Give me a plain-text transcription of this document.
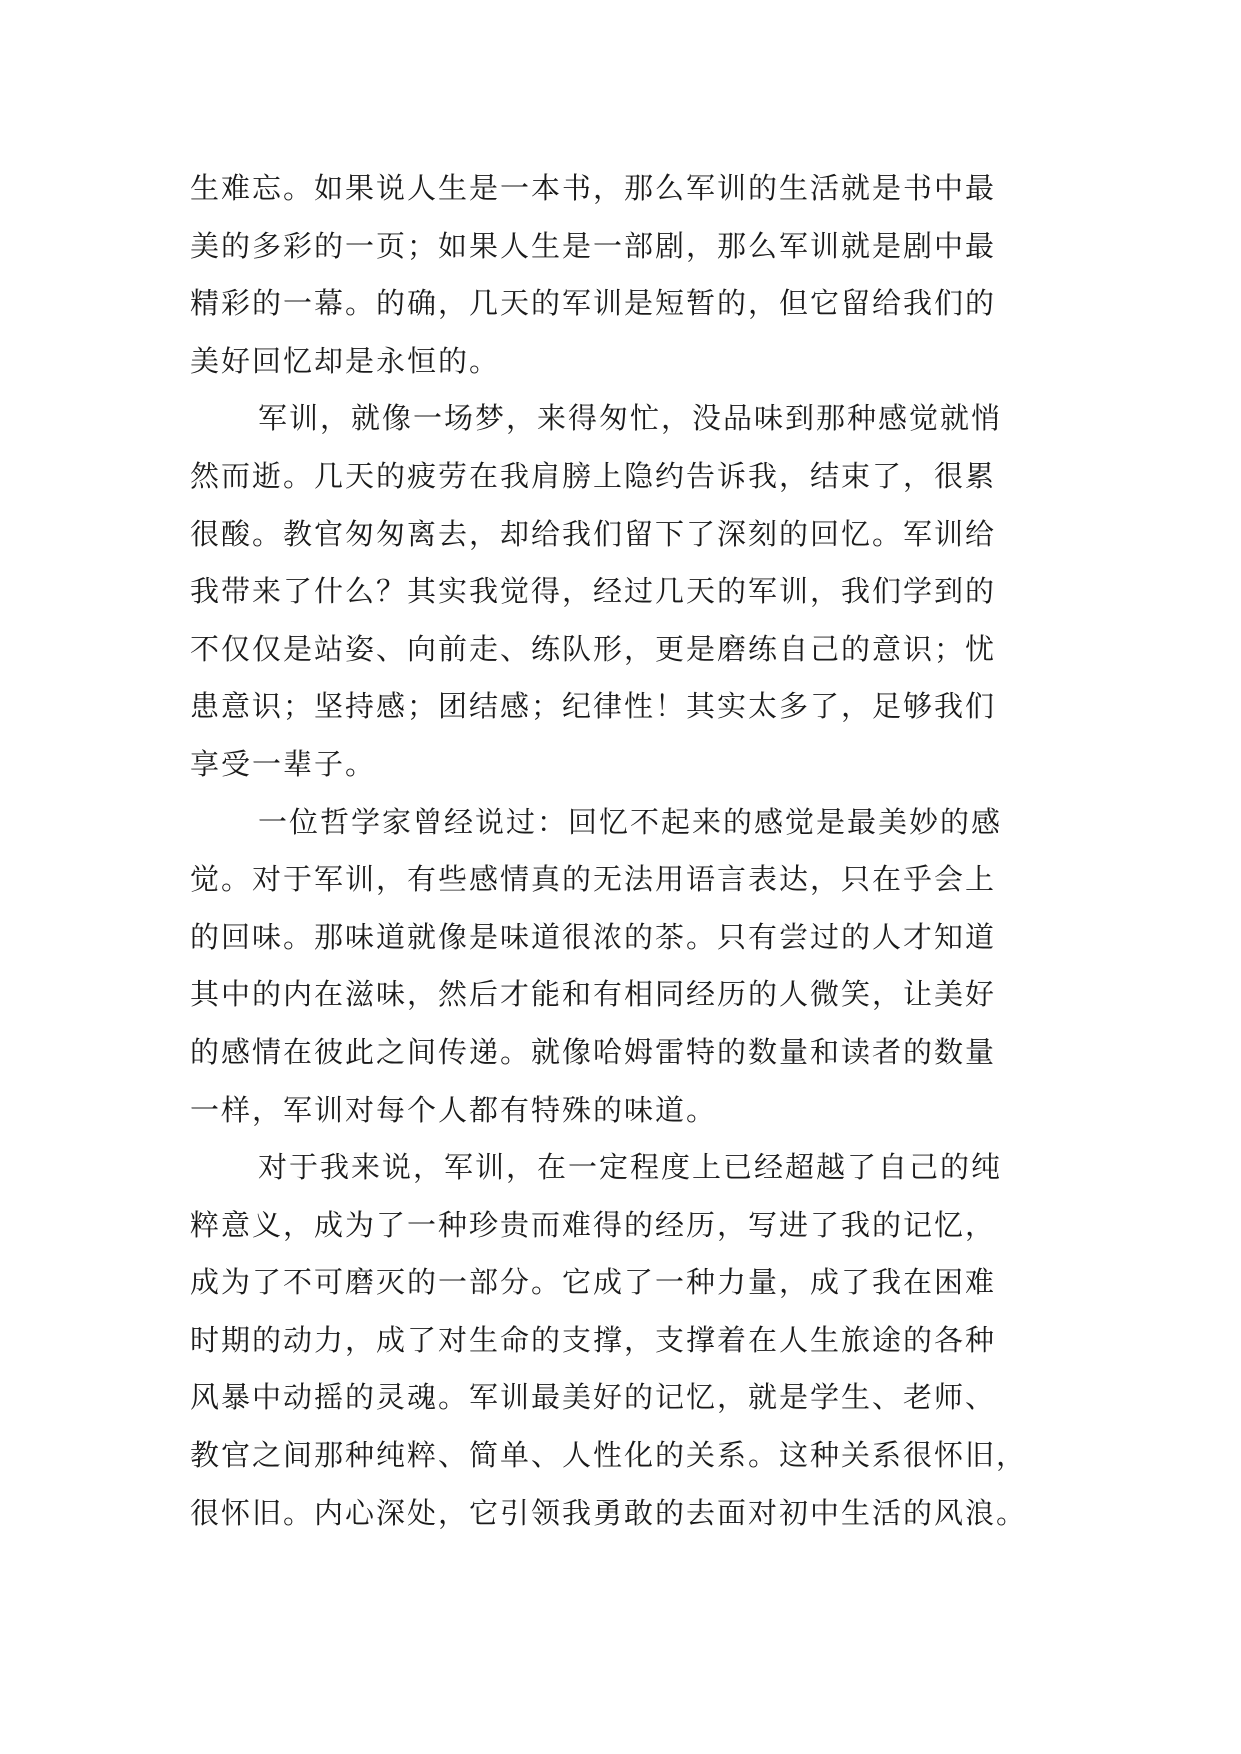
生难忘。如果说人生是一本书，那么军训的生活就是书中最
美的多彩的一页；如果人生是一部剧，那么军训就是剧中最
精彩的一幕。的确，几天的军训是短暂的，但它留给我们的
美好回忆却是永恒的。
军训，就像一场梦，来得匆忙，没品味到那种感觉就悄
然而逝。几天的疲劳在我肩膀上隐约告诉我，结束了，很累
很酸。教官匆匆离去，却给我们留下了深刻的回忆。军训给
我带来了什么？其实我觉得，经过几天的军训，我们学到的
不仅仅是站姿、向前走、练队形，更是磨练自己的意识；忧
患意识；坚持感；团结感；纪律性！其实太多了，足够我们
享受一辈子。
一位哲学家曾经说过：回忆不起来的感觉是最美妙的感
觉。对于军训，有些感情真的无法用语言表达，只在乎会上
的回味。那味道就像是味道很浓的茶。只有尝过的人才知道
其中的内在滋味，然后才能和有相同经历的人微笑，让美好
的感情在彼此之间传递。就像哈姆雷特的数量和读者的数量
一样，军训对每个人都有特殊的味道。
对于我来说，军训，在一定程度上已经超越了自己的纯
粹意义，成为了一种珍贵而难得的经历，写进了我的记忆，
成为了不可磨灭的一部分。它成了一种力量，成了我在困难
时期的动力，成了对生命的支撑，支撑着在人生旅途的各种
风暴中动摇的灵魂。军训最美好的记忆，就是学生、老师、
教官之间那种纯粹、简单、人性化的关系。这种关系很怀旧，
很怀旧。内心深处，它引领我勇敢的去面对初中生活的风浪。
